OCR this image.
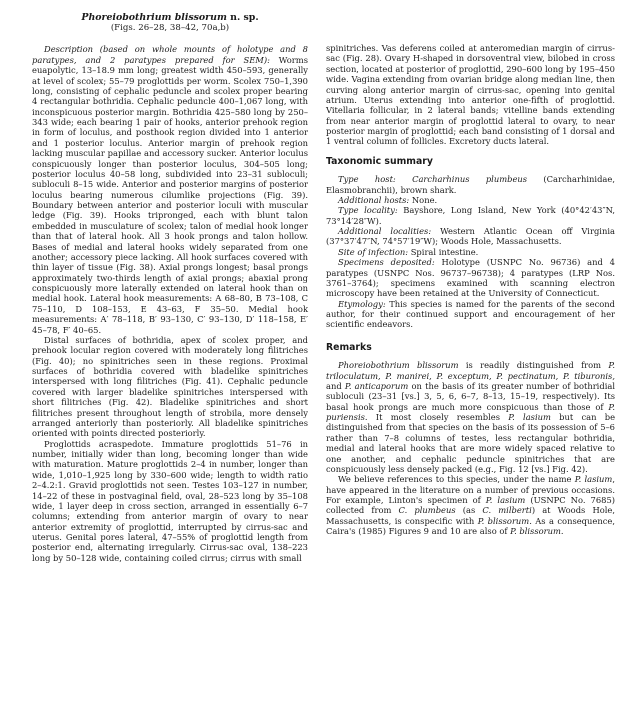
Phoreiobothrium blissorum n. sp.
(Figs. 26–28, 38–42, 70a,b)

Description (based on whole mounts of holotype and 8 paratypes, and 2 paratypes prepared for SEM): Worms euapolytic, 13–18.9 mm long; greatest width 450–593, generally at level of scolex; 55–79 proglottids per worm. Scolex 750–1,390 long, consisting of cephalic peduncle and scolex proper bearing 4 rectangular bothridia. Cephalic peduncle 400–1,067 long, with inconspicuous posterior margin. Bothridia 425–580 long by 250–343 wide; each bearing 1 pair of hooks, anterior prehook region in form of loculus, and posthook region divided into 1 anterior and 1 posterior loculus. Anterior margin of prehook region lacking muscular papillae and accessory sucker. Anterior loculus conspicuously longer than posterior loculus, 304–505 long; posterior loculus 40–58 long, subdivided into 23–31 subloculi; subloculi 8–15 wide. Anterior and posterior margins of posterior loculus bearing numerous cilumlike projections (Fig. 39). Boundary between anterior and posterior loculi with muscular ledge (Fig. 39). Hooks tripronged, each with blunt talon embedded in musculature of scolex; talon of medial hook longer than that of lateral hook. All 3 hook prongs and talon hollow. Bases of medial and lateral hooks widely separated from one another; accessory piece lacking. All hook surfaces covered with thin layer of tissue (Fig. 38). Axial prongs longest; basal prongs approximately two-thirds length of axial prongs; abaxial prong conspicuously more laterally extended on lateral hook than on medial hook. Lateral hook measurements: A 68–80, B 73–108, C 75–110, D 108–153, E 43–63, F 35–50. Medial hook measurements: A′ 78–118, B′ 93–130, C′ 93–130, D′ 118–158, E′ 45–78, F′ 40–65.

Distal surfaces of bothridia, apex of scolex proper, and prehook locular region covered with moderately long filitriches (Fig. 40); no spinitriches seen in these regions. Proximal surfaces of bothridia covered with bladelike spinitriches interspersed with long filitriches (Fig. 41). Cephalic peduncle covered with larger bladelike spinitriches interspersed with short filitriches (Fig. 42). Bladelike spinitriches and short filitriches present throughout length of strobila, more densely arranged anteriorly than posteriorly. All bladelike spinitriches oriented with points directed posteriorly.

Proglottids acraspedote. Immature proglottids 51–76 in number, initially wider than long, becoming longer than wide with maturation. Mature proglottids 2–4 in number, longer than wide, 1,010–1,925 long by 330–600 wide; length to width ratio 2–4.2:1. Gravid proglottids not seen. Testes 103–127 in number, 14–22 of these in postvaginal field, oval, 28–523 long by 35–108 wide, 1 layer deep in cross section, arranged in essentially 6–7 columns; extending from anterior margin of ovary to near anterior extremity of proglottid, interrupted by cirrus-sac and uterus. Genital pores lateral, 47–55% of proglottid length from posterior end, alternating irregularly. Cirrus-sac oval, 138–223 long by 50–128 wide, containing coiled cirrus; cirrus with small

spinitriches. Vas deferens coiled at anteromedian margin of cirrus-sac (Fig. 28). Ovary H-shaped in dorsoventral view, bilobed in cross section, located at posterior of proglottid, 290–600 long by 195–450 wide. Vagina extending from ovarian bridge along median line, then curving along anterior margin of cirrus-sac, opening into genital atrium. Uterus extending into anterior one-fifth of proglottid. Vitellaria follicular, in 2 lateral bands; vitelline bands extending from near anterior margin of proglottid lateral to ovary, to near posterior margin of proglottid; each band consisting of 1 dorsal and 1 ventral column of follicles. Excretory ducts lateral.

Taxonomic summary

Type host: Carcharhinus plumbeus (Carcharhinidae, Elasmobranchii), brown shark.

Additional hosts: None.

Type locality: Bayshore, Long Island, New York (40°42′43″N, 73°14′28″W).

Additional localities: Western Atlantic Ocean off Virginia (37°37′47″N, 74°57′19″W); Woods Hole, Massachusetts.

Site of infection: Spiral intestine.

Specimens deposited: Holotype (USNPC No. 96736) and 4 paratypes (USNPC Nos. 96737–96738); 4 paratypes (LRP Nos. 3761–3764); specimens examined with scanning electron microscopy have been retained at the University of Connecticut.

Etymology: This species is named for the parents of the second author, for their continued support and encouragement of her scientific endeavors.

Remarks

Phoreiobothrium blissorum is readily distinguished from P. triloculatum, P. manirei, P. exceptum, P. pectinatum, P. tiburonis, and P. anticaporum on the basis of its greater number of bothridial subloculi (23–31 [vs.] 3, 5, 6, 6–7, 8–13, 15–19, respectively). Its basal hook prongs are much more conspicuous than those of P. puriensis. It most closely resembles P. lasium but can be distinguished from that species on the basis of its possession of 5–6 rather than 7–8 columns of testes, less rectangular bothridia, medial and lateral hooks that are more widely spaced relative to one another, and cephalic peduncle spinitriches that are conspicuously less densely packed (e.g., Fig. 12 [vs.] Fig. 42).

We believe references to this species, under the name P. lasium, have appeared in the literature on a number of previous occasions. For example, Linton's specimen of P. lasium (USNPC No. 7685) collected from C. plumbeus (as C. milberti) at Woods Hole, Massachusetts, is conspecific with P. blissorum. As a consequence, Caira's (1985) Figures 9 and 10 are also of P. blissorum.
